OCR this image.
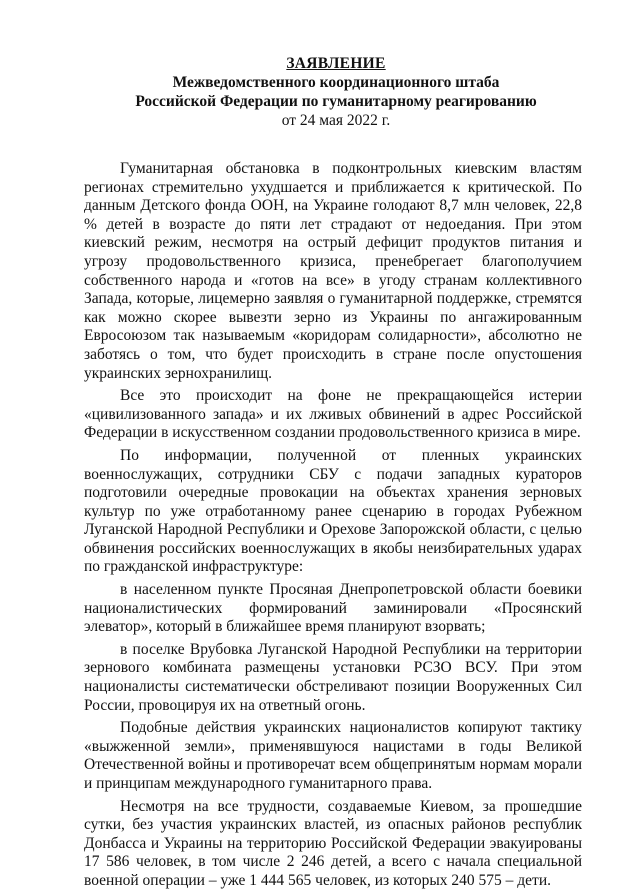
ЗАЯВЛЕНИЕ
Межведомственного координационного штаба
Российской Федерации по гуманитарному реагированию
от 24 мая 2022 г.

Гуманитарная обстановка в подконтрольных киевским властям регионах стремительно ухудшается и приближается к критической. По данным Детского фонда ООН, на Украине голодают 8,7 млн человек, 22,8 % детей в возрасте до пяти лет страдают от недоедания. При этом киевский режим, несмотря на острый дефицит продуктов питания и угрозу продовольственного кризиса, пренебрегает благополучием собственного народа и «готов на все» в угоду странам коллективного Запада, которые, лицемерно заявляя о гуманитарной поддержке, стремятся как можно скорее вывезти зерно из Украины по ангажированным Евросоюзом так называемым «коридорам солидарности», абсолютно не заботясь о том, что будет происходить в стране после опустошения украинских зернохранилищ.

Все это происходит на фоне не прекращающейся истерии «цивилизованного запада» и их лживых обвинений в адрес Российской Федерации в искусственном создании продовольственного кризиса в мире.

По информации, полученной от пленных украинских военнослужащих, сотрудники СБУ с подачи западных кураторов подготовили очередные провокации на объектах хранения зерновых культур по уже отработанному ранее сценарию в городах Рубежном Луганской Народной Республики и Орехове Запорожской области, с целью обвинения российских военнослужащих в якобы неизбирательных ударах по гражданской инфраструктуре:

в населенном пункте Просяная Днепропетровской области боевики националистических формирований заминировали «Просянский элеватор», который в ближайшее время планируют взорвать;

в поселке Врубовка Луганской Народной Республики на территории зернового комбината размещены установки РСЗО ВСУ. При этом националисты систематически обстреливают позиции Вооруженных Сил России, провоцируя их на ответный огонь.

Подобные действия украинских националистов копируют тактику «выжженной земли», применявшуюся нацистами в годы Великой Отечественной войны и противоречат всем общепринятым нормам морали и принципам международного гуманитарного права.

Несмотря на все трудности, создаваемые Киевом, за прошедшие сутки, без участия украинских властей, из опасных районов республик Донбасса и Украины на территорию Российской Федерации эвакуированы 17 586 человек, в том числе 2 246 детей, а всего с начала специальной военной операции – уже 1 444 565 человек, из которых 240 575 – дети.
